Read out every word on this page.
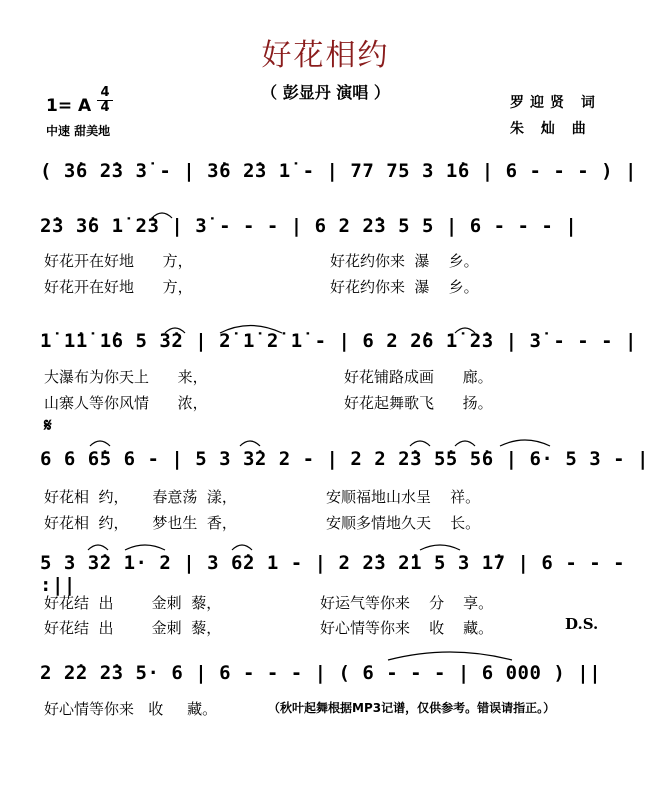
好花相约
（ 彭显丹 演唱 ）
1= A
4
4
中速 甜美地
罗迎贤 词
朱 灿 曲
( 3̇6 2̇3 3̇ - | 3̇6 2̇3 1̇ - | 77 75 3 1̇6 | 6 - - - ) |
2̇3 3̇6 1̇ 2̇3 | 3̇ - - - | 6 2 2̇3 5 5 | 6 - - - |
1̇ 1̇1̇ 1̇6 5 3̇2 | 2̇ 1̇ 2̇ 1̇ - | 6 2 2̇6 1̇ 2̇3 | 3̇ - - - |
𝄋
6 6 6̇5 6 - | 5 3 3̇2 2 - | 2 2 2̇3 5̇5 5̇6 | 6· 5 3 - |
5 3 3̇2 1· 2 | 3 6̇2 1 - | 2 2̇3 2̇1 5 3 1̇7 | 6 - - - :||
2 2̇2 2̇3 5· 6 | 6 - - - | ( 6 - - - | 6 000 ) ||
好花开在好地      方，	好花约你来  瀑    乡。
好花开在好地      方，	好花约你来  瀑    乡。
大瀑布为你天上      来，	好花铺路成画      廊。
山寨人等你风情      浓，	好花起舞歌飞      扬。
好花相  约，     春意荡  漾，	安顺福地山水呈    祥。
好花相  约，     梦也生  香，	安顺多情地久天    长。
好花结  出        金刺  藜，	好运气等你来    分    享。
好花结  出        金刺  藜，	好心情等你来    收    藏。	D.S.
好心情等你来   收     藏。	（秋叶起舞根据MP3记谱，仅供参考。错误请指正。）
